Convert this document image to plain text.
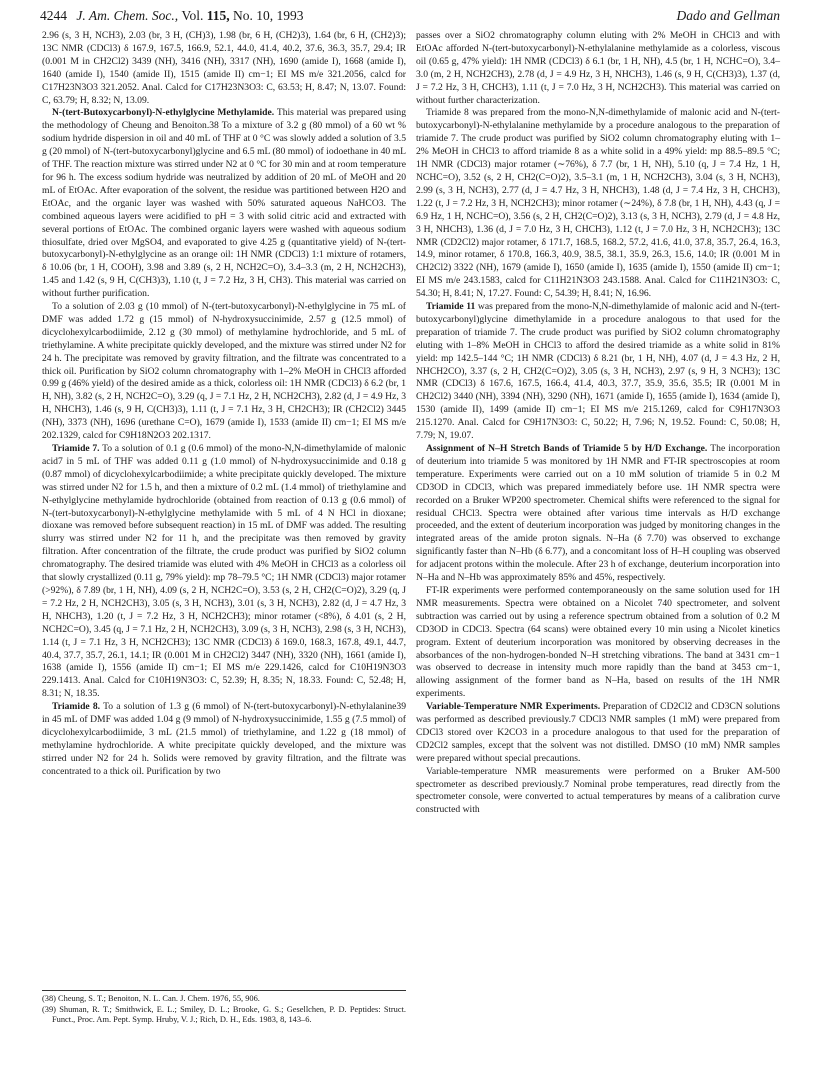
4244 J. Am. Chem. Soc., Vol. 115, No. 10, 1993	Dado and Gellman

2.96 (s, 3 H, NCH3), 2.03 (br, 3 H, (CH)3), 1.98 (br, 6 H, (CH2)3), 1.64 (br, 6 H, (CH2)3); 13C NMR (CDCl3) δ 167.9, 167.5, 166.9, 52.1, 44.0, 41.4, 40.2, 37.6, 36.3, 35.7, 29.4; IR (0.001 M in CH2Cl2) 3439 (NH), 3416 (NH), 3317 (NH), 1690 (amide I), 1668 (amide I), 1640 (amide I), 1540 (amide II), 1515 (amide II) cm−1; EI MS m/e 321.2056, calcd for C17H23N3O3 321.2052. Anal. Calcd for C17H23N3O3: C, 63.53; H, 8.47; N, 13.07. Found: C, 63.79; H, 8.32; N, 13.09.

N-(tert-Butoxycarbonyl)-N-ethylglycine Methylamide. This material was prepared using the methodology of Cheung and Benoiton.38 To a mixture of 3.2 g (80 mmol) of a 60 wt % sodium hydride dispersion in oil and 40 mL of THF at 0 °C was slowly added a solution of 3.5 g (20 mmol) of N-(tert-butoxycarbonyl)glycine and 6.5 mL (80 mmol) of iodoethane in 40 mL of THF. The reaction mixture was stirred under N2 at 0 °C for 30 min and at room temperature for 96 h. The excess sodium hydride was neutralized by addition of 20 mL of MeOH and 20 mL of EtOAc. After evaporation of the solvent, the residue was partitioned between H2O and EtOAc, and the organic layer was washed with 50% saturated aqueous NaHCO3. The combined aqueous layers were acidified to pH = 3 with solid citric acid and extracted with several portions of EtOAc. The combined organic layers were washed with aqueous sodium thiosulfate, dried over MgSO4, and evaporated to give 4.25 g (quantitative yield) of N-(tert-butoxycarbonyl)-N-ethylglycine as an orange oil: 1H NMR (CDCl3) 1:1 mixture of rotamers, δ 10.06 (br, 1 H, COOH), 3.98 and 3.89 (s, 2 H, NCH2C=O), 3.4–3.3 (m, 2 H, NCH2CH3), 1.45 and 1.42 (s, 9 H, C(CH3)3), 1.10 (t, J = 7.2 Hz, 3 H, CH3). This material was carried on without further purification.

To a solution of 2.03 g (10 mmol) of N-(tert-butoxycarbonyl)-N-ethylglycine in 75 mL of DMF was added 1.72 g (15 mmol) of N-hydroxysuccinimide, 2.57 g (12.5 mmol) of dicyclohexylcarbodiimide, 2.12 g (30 mmol) of methylamine hydrochloride, and 5 mL of triethylamine. A white precipitate quickly developed, and the mixture was stirred under N2 for 24 h. The precipitate was removed by gravity filtration, and the filtrate was concentrated to a thick oil. Purification by SiO2 column chromatography with 1–2% MeOH in CHCl3 afforded 0.99 g (46% yield) of the desired amide as a thick, colorless oil: 1H NMR (CDCl3) δ 6.2 (br, 1 H, NH), 3.82 (s, 2 H, NCH2C=O), 3.29 (q, J = 7.1 Hz, 2 H, NCH2CH3), 2.82 (d, J = 4.9 Hz, 3 H, NHCH3), 1.46 (s, 9 H, C(CH3)3), 1.11 (t, J = 7.1 Hz, 3 H, CH2CH3); IR (CH2Cl2) 3445 (NH), 3373 (NH), 1696 (urethane C=O), 1679 (amide I), 1533 (amide II) cm−1; EI MS m/e 202.1329, calcd for C9H18N2O3 202.1317.

Triamide 7. To a solution of 0.1 g (0.6 mmol) of the mono-N,N-dimethylamide of malonic acid7 in 5 mL of THF was added 0.11 g (1.0 mmol) of N-hydroxysuccinimide and 0.18 g (0.87 mmol) of dicyclohexylcarbodiimide; a white precipitate quickly developed. The mixture was stirred under N2 for 1.5 h, and then a mixture of 0.2 mL (1.4 mmol) of triethylamine and N-ethylglycine methylamide hydrochloride (obtained from reaction of 0.13 g (0.6 mmol) of N-(tert-butoxycarbonyl)-N-ethylglycine methylamide with 5 mL of 4 N HCl in dioxane; dioxane was removed before subsequent reaction) in 15 mL of DMF was added. The resulting slurry was stirred under N2 for 11 h, and the precipitate was then removed by gravity filtration. After concentration of the filtrate, the crude product was purified by SiO2 column chromatography. The desired triamide was eluted with 4% MeOH in CHCl3 as a colorless oil that slowly crystallized (0.11 g, 79% yield): mp 78–79.5 °C; 1H NMR (CDCl3) major rotamer (>92%), δ 7.89 (br, 1 H, NH), 4.09 (s, 2 H, NCH2C=O), 3.53 (s, 2 H, CH2(C=O)2), 3.29 (q, J = 7.2 Hz, 2 H, NCH2CH3), 3.05 (s, 3 H, NCH3), 3.01 (s, 3 H, NCH3), 2.82 (d, J = 4.7 Hz, 3 H, NHCH3), 1.20 (t, J = 7.2 Hz, 3 H, NCH2CH3); minor rotamer (<8%), δ 4.01 (s, 2 H, NCH2C=O), 3.45 (q, J = 7.1 Hz, 2 H, NCH2CH3), 3.09 (s, 3 H, NCH3), 2.98 (s, 3 H, NCH3), 1.14 (t, J = 7.1 Hz, 3 H, NCH2CH3); 13C NMR (CDCl3) δ 169.0, 168.3, 167.8, 49.1, 44.7, 40.4, 37.7, 35.7, 26.1, 14.1; IR (0.001 M in CH2Cl2) 3447 (NH), 3320 (NH), 1661 (amide I), 1638 (amide I), 1556 (amide II) cm−1; EI MS m/e 229.1426, calcd for C10H19N3O3 229.1413. Anal. Calcd for C10H19N3O3: C, 52.39; H, 8.35; N, 18.33. Found: C, 52.48; H, 8.31; N, 18.35.

Triamide 8. To a solution of 1.3 g (6 mmol) of N-(tert-butoxycarbonyl)-N-ethylalanine39 in 45 mL of DMF was added 1.04 g (9 mmol) of N-hydroxysuccinimide, 1.55 g (7.5 mmol) of dicyclohexylcarbodiimide, 3 mL (21.5 mmol) of triethylamine, and 1.22 g (18 mmol) of methylamine hydrochloride. A white precipitate quickly developed, and the mixture was stirred under N2 for 24 h. Solids were removed by gravity filtration, and the filtrate was concentrated to a thick oil. Purification by two

(38) Cheung, S. T.; Benoiton, N. L. Can. J. Chem. 1976, 55, 906.

(39) Shuman, R. T.; Smithwick, E. L.; Smiley, D. L.; Brooke, G. S.; Gesellchen, P. D. Peptides: Struct. Funct., Proc. Am. Pept. Symp. Hruby, V. J.; Rich, D. H., Eds. 1983, 8, 143–6.

passes over a SiO2 chromatography column eluting with 2% MeOH in CHCl3 and with EtOAc afforded N-(tert-butoxycarbonyl)-N-ethylalanine methylamide as a colorless, viscous oil (0.65 g, 47% yield): 1H NMR (CDCl3) δ 6.1 (br, 1 H, NH), 4.5 (br, 1 H, NCHC=O), 3.4–3.0 (m, 2 H, NCH2CH3), 2.78 (d, J = 4.9 Hz, 3 H, NHCH3), 1.46 (s, 9 H, C(CH3)3), 1.37 (d, J = 7.2 Hz, 3 H, CHCH3), 1.11 (t, J = 7.0 Hz, 3 H, NCH2CH3). This material was carried on without further characterization.

Triamide 8 was prepared from the mono-N,N-dimethylamide of malonic acid and N-(tert-butoxycarbonyl)-N-ethylalanine methylamide by a procedure analogous to the preparation of triamide 7. The crude product was purified by SiO2 column chromatography eluting with 1–2% MeOH in CHCl3 to afford triamide 8 as a white solid in a 49% yield: mp 88.5–89.5 °C; 1H NMR (CDCl3) major rotamer (∼76%), δ 7.7 (br, 1 H, NH), 5.10 (q, J = 7.4 Hz, 1 H, NCHC=O), 3.52 (s, 2 H, CH2(C=O)2), 3.5–3.1 (m, 1 H, NCH2CH3), 3.04 (s, 3 H, NCH3), 2.99 (s, 3 H, NCH3), 2.77 (d, J = 4.7 Hz, 3 H, NHCH3), 1.48 (d, J = 7.4 Hz, 3 H, CHCH3), 1.22 (t, J = 7.2 Hz, 3 H, NCH2CH3); minor rotamer (∼24%), δ 7.8 (br, 1 H, NH), 4.43 (q, J = 6.9 Hz, 1 H, NCHC=O), 3.56 (s, 2 H, CH2(C=O)2), 3.13 (s, 3 H, NCH3), 2.79 (d, J = 4.8 Hz, 3 H, NHCH3), 1.36 (d, J = 7.0 Hz, 3 H, CHCH3), 1.12 (t, J = 7.0 Hz, 3 H, NCH2CH3); 13C NMR (CD2Cl2) major rotamer, δ 171.7, 168.5, 168.2, 57.2, 41.6, 41.0, 37.8, 35.7, 26.4, 16.3, 14.9, minor rotamer, δ 170.8, 166.3, 40.9, 38.5, 38.1, 35.9, 26.3, 15.6, 14.0; IR (0.001 M in CH2Cl2) 3322 (NH), 1679 (amide I), 1650 (amide I), 1635 (amide I), 1550 (amide II) cm−1; EI MS m/e 243.1583, calcd for C11H21N3O3 243.1588. Anal. Calcd for C11H21N3O3: C, 54.30; H, 8.41; N, 17.27. Found: C, 54.39; H, 8.41; N, 16.96.

Triamide 11 was prepared from the mono-N,N-dimethylamide of malonic acid and N-(tert-butoxycarbonyl)glycine dimethylamide in a procedure analogous to that used for the preparation of triamide 7. The crude product was purified by SiO2 column chromatography eluting with 1–8% MeOH in CHCl3 to afford the desired triamide as a white solid in 81% yield: mp 142.5–144 °C; 1H NMR (CDCl3) δ 8.21 (br, 1 H, NH), 4.07 (d, J = 4.3 Hz, 2 H, NHCH2CO), 3.37 (s, 2 H, CH2(C=O)2), 3.05 (s, 3 H, NCH3), 2.97 (s, 9 H, 3 NCH3); 13C NMR (CDCl3) δ 167.6, 167.5, 166.4, 41.4, 40.3, 37.7, 35.9, 35.6, 35.5; IR (0.001 M in CH2Cl2) 3440 (NH), 3394 (NH), 3290 (NH), 1671 (amide I), 1655 (amide I), 1634 (amide I), 1530 (amide II), 1499 (amide II) cm−1; EI MS m/e 215.1269, calcd for C9H17N3O3 215.1270. Anal. Calcd for C9H17N3O3: C, 50.22; H, 7.96; N, 19.52. Found: C, 50.08; H, 7.79; N, 19.07.

Assignment of N–H Stretch Bands of Triamide 5 by H/D Exchange. The incorporation of deuterium into triamide 5 was monitored by 1H NMR and FT-IR spectroscopies at room temperature. Experiments were carried out on a 10 mM solution of triamide 5 in 0.2 M CD3OD in CDCl3, which was prepared immediately before use. 1H NMR spectra were recorded on a Bruker WP200 spectrometer. Chemical shifts were referenced to the signal for residual CHCl3. Spectra were obtained after various time intervals as H/D exchange proceeded, and the extent of deuterium incorporation was judged by monitoring changes in the integrated areas of the amide proton signals. N–Ha (δ 7.70) was observed to exchange significantly faster than N–Hb (δ 6.77), and a concomitant loss of H–H coupling was observed for adjacent protons within the molecule. After 23 h of exchange, deuterium incorporation into N–Ha and N–Hb was approximately 85% and 45%, respectively.

FT-IR experiments were performed contemporaneously on the same solution used for 1H NMR measurements. Spectra were obtained on a Nicolet 740 spectrometer, and solvent subtraction was carried out by using a reference spectrum obtained from a solution of 0.2 M CD3OD in CDCl3. Spectra (64 scans) were obtained every 10 min using a Nicolet kinetics program. Extent of deuterium incorporation was monitored by observing decreases in the absorbances of the non-hydrogen-bonded N–H stretching vibrations. The band at 3431 cm−1 was observed to decrease in intensity much more rapidly than the band at 3453 cm−1, allowing assignment of the former band as N–Ha, based on results of the 1H NMR experiments.

Variable-Temperature NMR Experiments. Preparation of CD2Cl2 and CD3CN solutions was performed as described previously.7 CDCl3 NMR samples (1 mM) were prepared from CDCl3 stored over K2CO3 in a procedure analogous to that used for the preparation of CD2Cl2 samples, except that the solvent was not distilled. DMSO (10 mM) NMR samples were prepared without special precautions.

Variable-temperature NMR measurements were performed on a Bruker AM-500 spectrometer as described previously.7 Nominal probe temperatures, read directly from the spectrometer console, were converted to actual temperatures by means of a calibration curve constructed with
